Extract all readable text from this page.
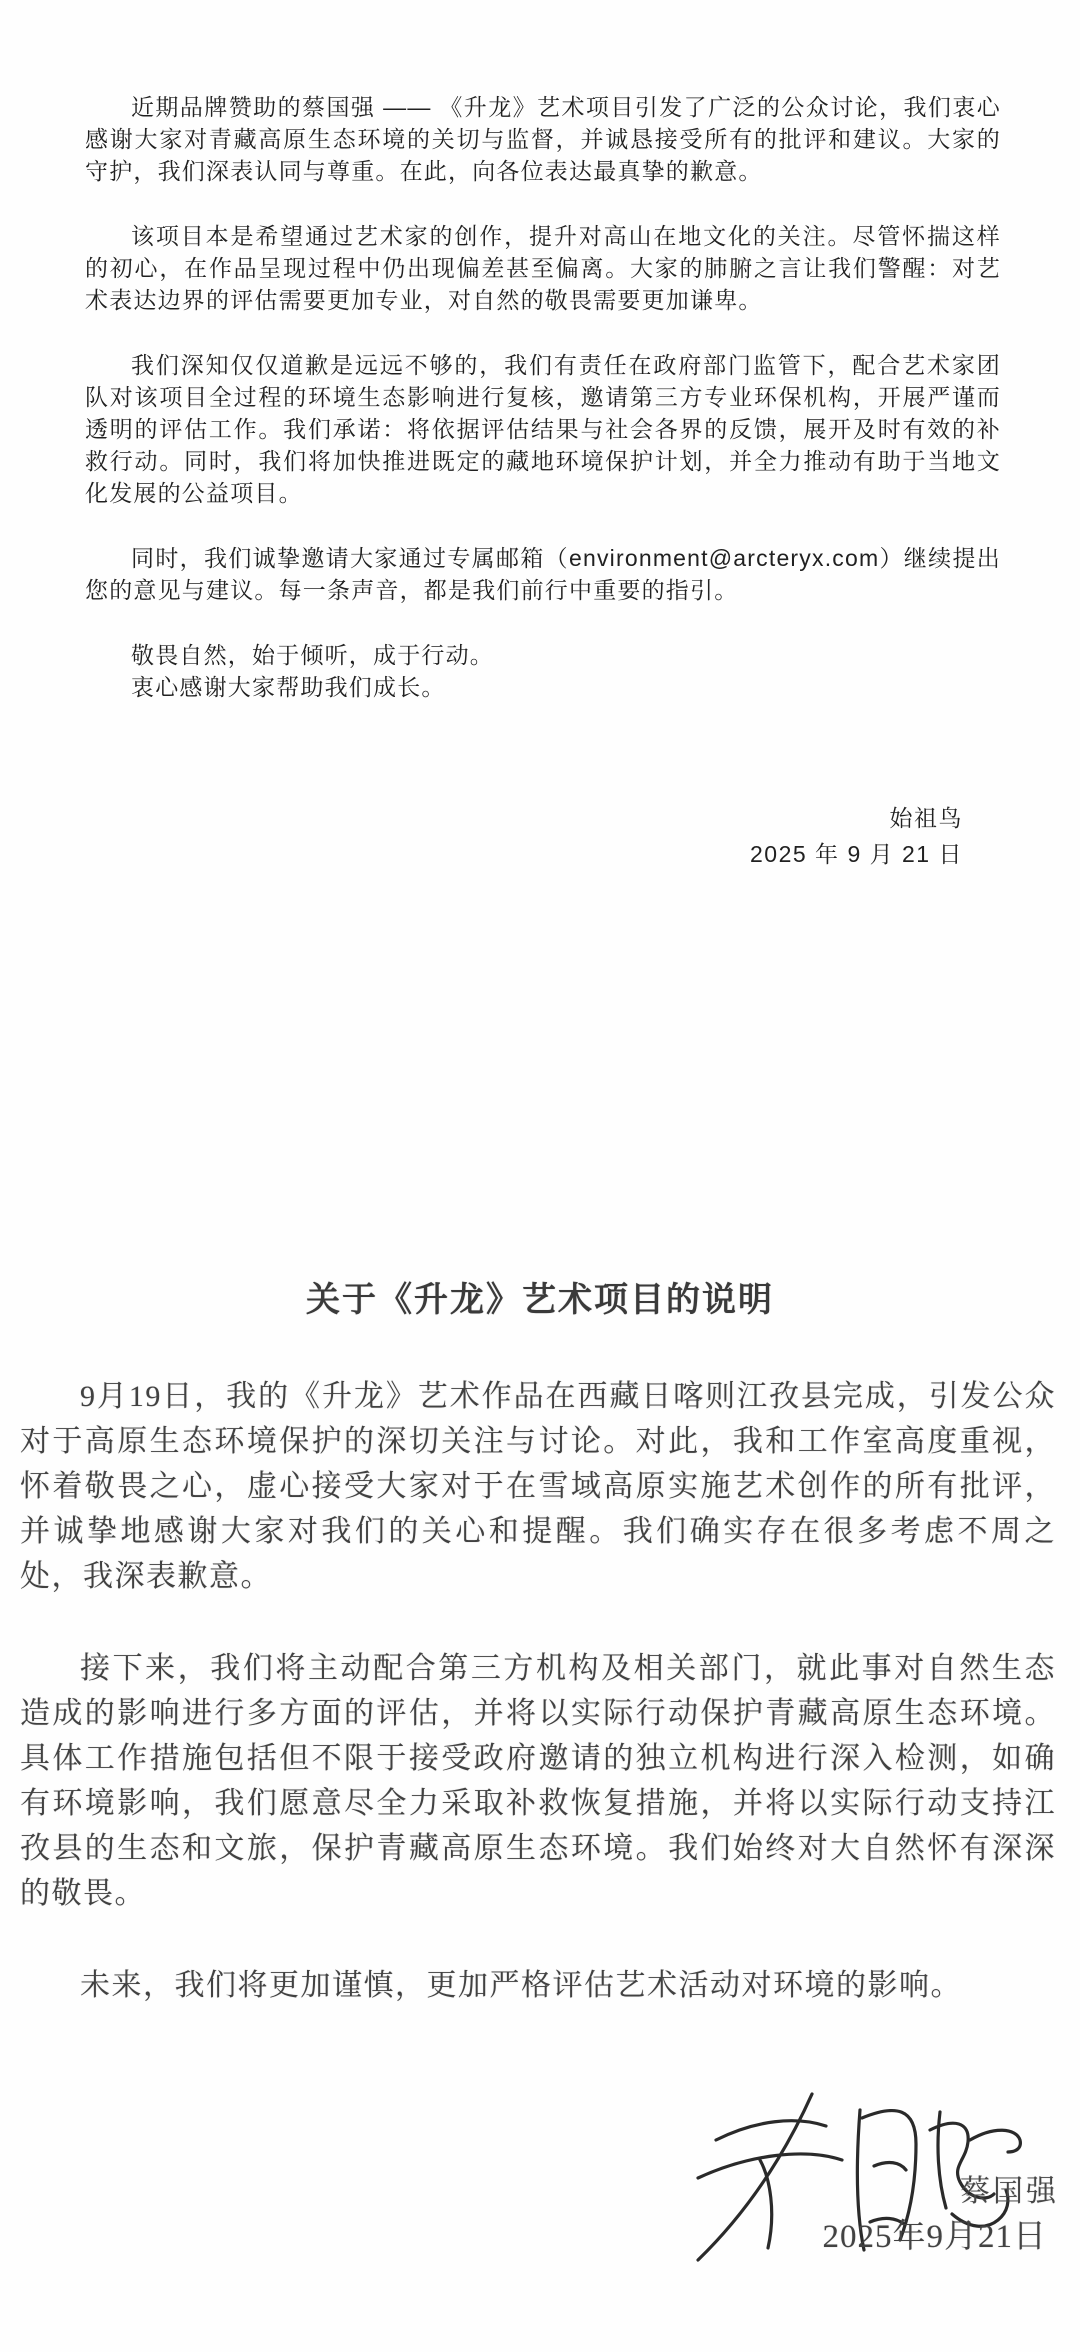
近期品牌赞助的蔡国强 —— 《升龙》艺术项目引发了广泛的公众讨论，我们衷心感谢大家对青藏高原生态环境的关切与监督，并诚恳接受所有的批评和建议。大家的守护，我们深表认同与尊重。在此，向各位表达最真挚的歉意。

该项目本是希望通过艺术家的创作，提升对高山在地文化的关注。尽管怀揣这样的初心，在作品呈现过程中仍出现偏差甚至偏离。大家的肺腑之言让我们警醒：对艺术表达边界的评估需要更加专业，对自然的敬畏需要更加谦卑。

我们深知仅仅道歉是远远不够的，我们有责任在政府部门监管下，配合艺术家团队对该项目全过程的环境生态影响进行复核，邀请第三方专业环保机构，开展严谨而透明的评估工作。我们承诺：将依据评估结果与社会各界的反馈，展开及时有效的补救行动。同时，我们将加快推进既定的藏地环境保护计划，并全力推动有助于当地文化发展的公益项目。

同时，我们诚挚邀请大家通过专属邮箱（environment@arcteryx.com）继续提出您的意见与建议。每一条声音，都是我们前行中重要的指引。

敬畏自然，始于倾听，成于行动。
衷心感谢大家帮助我们成长。
始祖鸟
2025 年 9 月 21 日
关于《升龙》艺术项目的说明

9月19日，我的《升龙》艺术作品在西藏日喀则江孜县完成，引发公众对于高原生态环境保护的深切关注与讨论。对此，我和工作室高度重视，怀着敬畏之心，虚心接受大家对于在雪域高原实施艺术创作的所有批评，并诚挚地感谢大家对我们的关心和提醒。我们确实存在很多考虑不周之处，我深表歉意。

接下来，我们将主动配合第三方机构及相关部门，就此事对自然生态造成的影响进行多方面的评估，并将以实际行动保护青藏高原生态环境。具体工作措施包括但不限于接受政府邀请的独立机构进行深入检测，如确有环境影响，我们愿意尽全力采取补救恢复措施，并将以实际行动支持江孜县的生态和文旅，保护青藏高原生态环境。我们始终对大自然怀有深深的敬畏。

未来，我们将更加谨慎，更加严格评估艺术活动对环境的影响。

蔡国强
2025年9月21日
